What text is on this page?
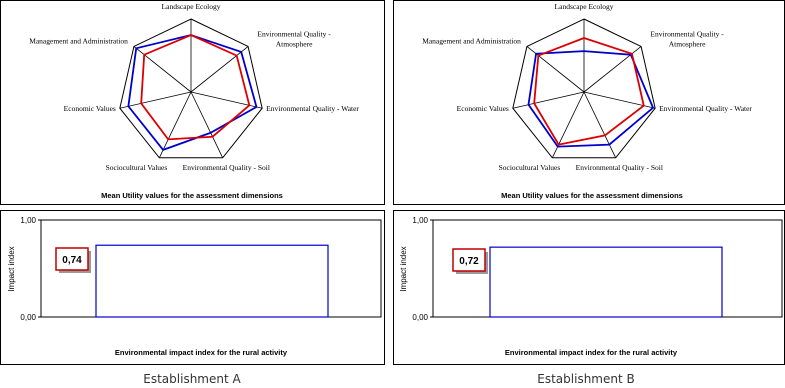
Landscape Ecology
Environmental Quality -Atmosphere
Environmental Quality - Water
Environmental Quality - Soil
Sociocultural Values
Economic Values
Management and Administration
Mean Utility values for the assessment dimensions
Landscape Ecology
Environmental Quality -Atmosphere
Environmental Quality - Water
Environmental Quality - Soil
Sociocultural Values
Economic Values
Management and Administration
Mean Utility values for the assessment dimensions
1,00
0,00
Impact index	0,74
Environmental impact index for the rural activity
1,00
0,00
Impact index	0,72
Environmental impact index for the rural activity
Establishment A	Establishment B
